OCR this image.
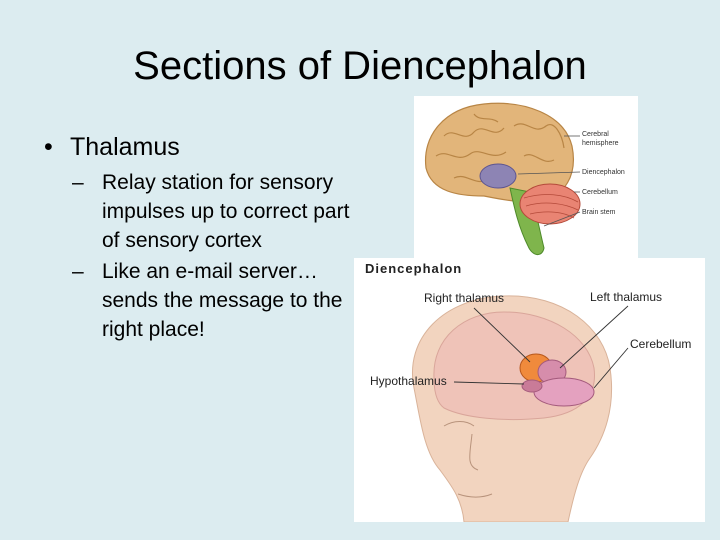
Sections of Diencephalon
• Thalamus
– Relay station for sensory impulses up to correct part of sensory cortex
– Like an e-mail server… sends the message to the right place!
Cerebral
hemisphere
Diencephalon
Cerebellum
Brain stem
Diencephalon
Right thalamus	Left thalamus
Cerebellum
Hypothalamus
